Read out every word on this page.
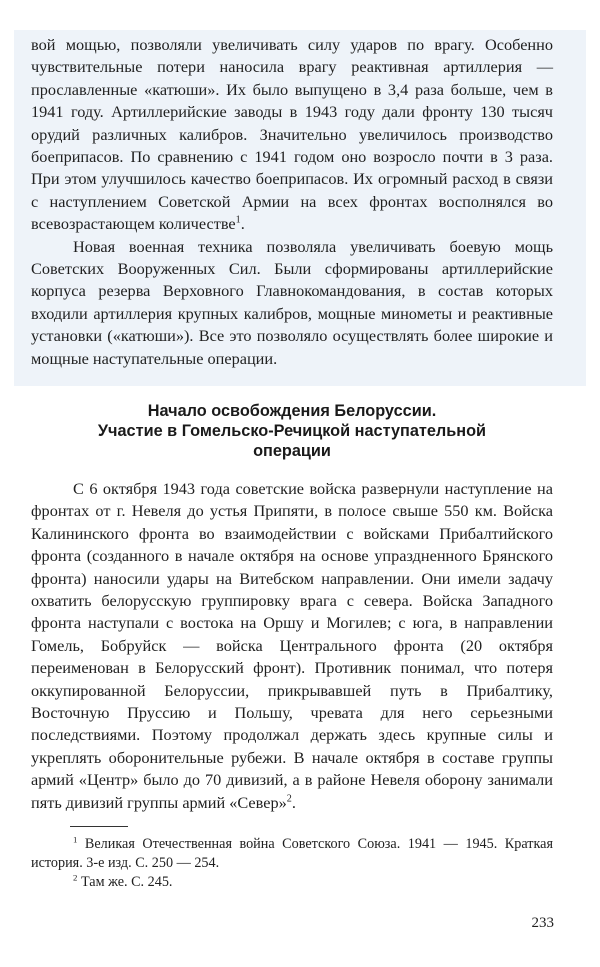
вой мощью, позволяли увеличивать силу ударов по врагу. Особенно чувствительные потери наносила врагу реактивная артиллерия — прославленные «катюши». Их было выпущено в 3,4 раза больше, чем в 1941 году. Артиллерийские заводы в 1943 году дали фронту 130 тысяч орудий различных калибров. Значительно увеличилось производство боеприпасов. По сравнению с 1941 годом оно возросло почти в 3 раза. При этом улучшилось качество боеприпасов. Их огромный расход в связи с наступлением Советской Армии на всех фронтах восполнялся во всевозрастающем количестве$^1$.

Новая военная техника позволяла увеличивать боевую мощь Советских Вооруженных Сил. Были сформированы артиллерийские корпуса резерва Верховного Главнокомандования, в состав которых входили артиллерия крупных калибров, мощные минометы и реактивные установки («катюши»). Все это позволяло осуществлять более широкие и мощные наступательные операции.

Начало освобождения Белоруссии.
Участие в Гомельско-Речицкой наступательной
операции

С 6 октября 1943 года советские войска развернули наступление на фронтах от г. Невеля до устья Припяти, в полосе свыше 550 км. Войска Калининского фронта во взаимодействии с войсками Прибалтийского фронта (созданного в начале октября на основе упраздненного Брянского фронта) наносили удары на Витебском направлении. Они имели задачу охватить белорусскую группировку врага с севера. Войска Западного фронта наступали с востока на Оршу и Могилев; с юга, в направлении Гомель, Бобруйск — войска Центрального фронта (20 октября переименован в Белорусский фронт). Противник понимал, что потеря оккупированной Белоруссии, прикрывавшей путь в Прибалтику, Восточную Пруссию и Польшу, чревата для него серьезными последствиями. Поэтому продолжал держать здесь крупные силы и укреплять оборонительные рубежи. В начале октября в составе группы армий «Центр» было до 70 дивизий, а в районе Невеля оборону занимали пять дивизий группы армий «Север»$^2$.

$^1$ Великая Отечественная война Советского Союза. 1941 — 1945. Краткая история. 3-е изд. С. 250 — 254.

$^2$ Там же. С. 245.

233
